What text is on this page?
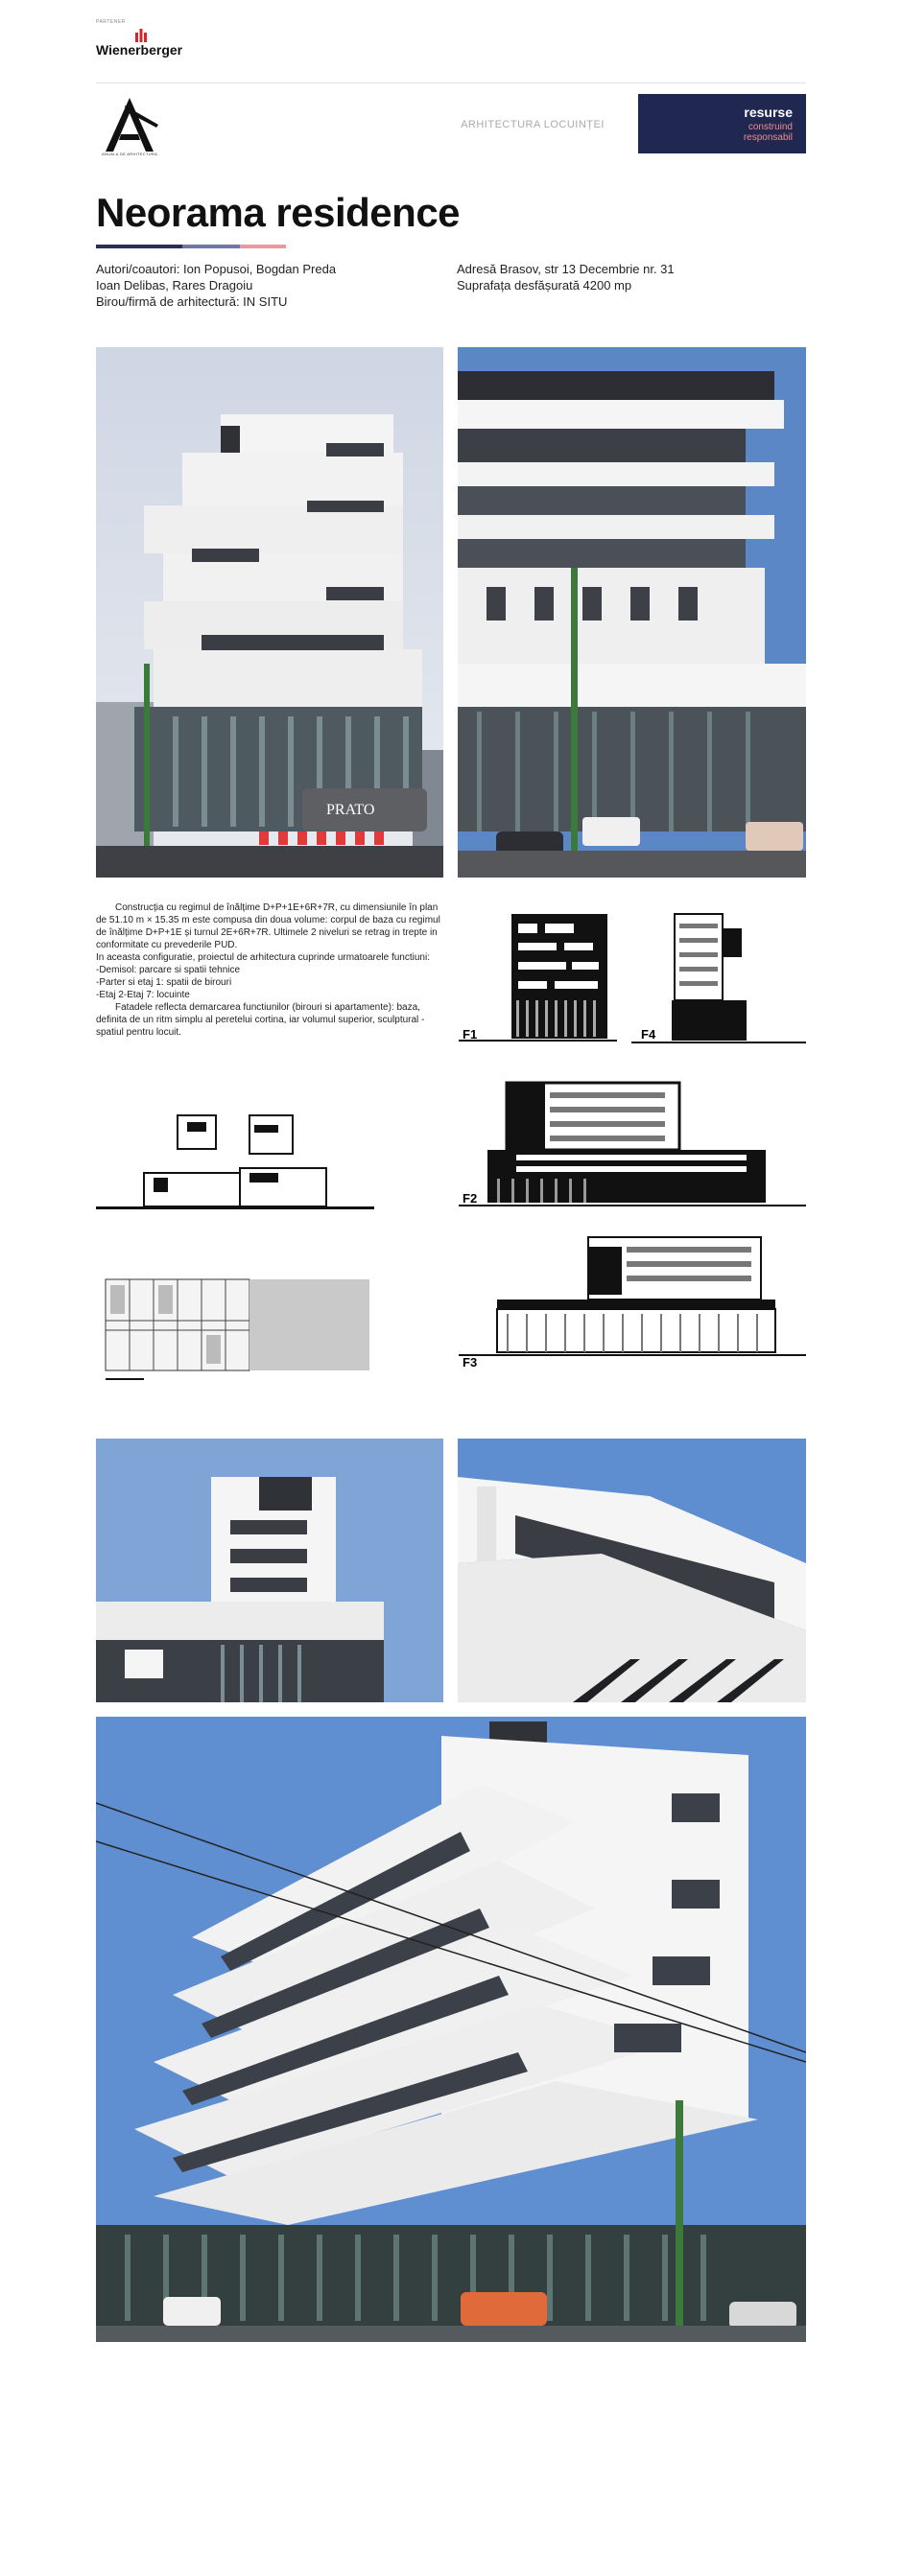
PARTENER
Wienerberger
ANUALA DE ARHITECTURA
ARHITECTURA LOCUINȚEI
resurse
construind
responsabil
Neorama residence
Autori/coautori: Ion Popusoi, Bogdan Preda
Ioan Delibas, Rares Dragoiu
Birou/firmă de arhitectură: IN SITU
Adresă Brasov, str 13 Decembrie nr. 31
Suprafața desfășurată 4200 mp
PRATO

Construcția cu regimul de înălțime D+P+1E+6R+7R, cu dimensiunile în plan de 51.10 m × 15.35 m este compusa din doua volume: corpul de baza cu regimul de înălțime D+P+1E și turnul 2E+6R+7R. Ultimele 2 niveluri se retrag in trepte in conformitate cu prevederile PUD.

In aceasta configuratie, proiectul de arhitectura cuprinde urmatoarele functiuni:

-Demisol: parcare si spatii tehnice

-Parter si etaj 1: spatii de birouri

-Etaj 2-Etaj 7: locuinte

Fatadele reflecta demarcarea functiunilor (birouri si apartamente): baza, definita de un ritm simplu al peretelui cortina, iar volumul superior, sculptural - spatiul pentru locuit.	F1	F4
F2
F3
